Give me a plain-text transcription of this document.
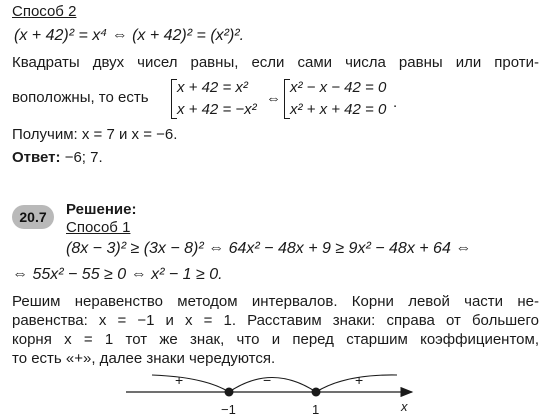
Способ 2
(x + 42)² = x⁴ ⇔ (x + 42)² = (x²)².
Квадраты двух чисел равны, если сами числа равны или проти-
воположны, то есть
x + 42 = x²
x + 42 = −x²
⇔
x² − x − 42 = 0
x² + x + 42 = 0 .
Получим: x = 7 и x = −6.
Ответ: −6; 7.
20.7	Решение:
Способ 1
(8x − 3)² ≥ (3x − 8)² ⇔ 64x² − 48x + 9 ≥ 9x² − 48x + 64 ⇔
⇔ 55x² − 55 ≥ 0 ⇔ x² − 1 ≥ 0.
Решим неравенство методом интервалов. Корни левой части не-
равенства: x = −1 и x = 1. Расставим знаки: справа от большего
корня x = 1 тот же знак, что и перед старшим коэффициентом,
то есть «+», далее знаки чередуются.
+	−	+
−1	1	x
